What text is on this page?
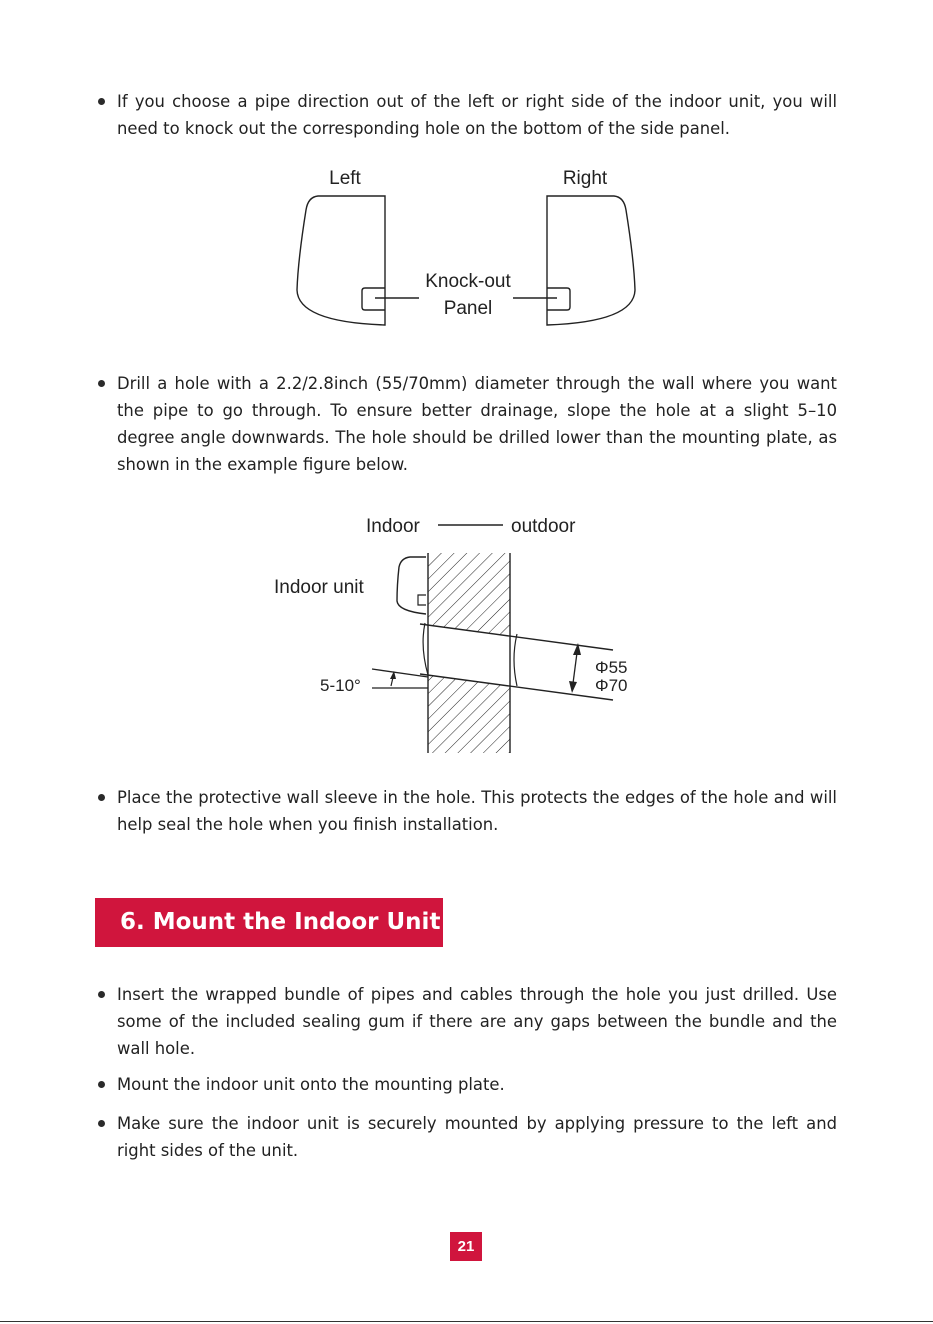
If you choose a pipe direction out of the left or right side of the indoor unit, you will need to knock out the corresponding hole on the bottom of the side panel.
Left	Right
Knock-out
Panel
Drill a hole with a 2.2/2.8inch (55/70mm) diameter through the wall where you want the pipe to go through. To ensure better drainage, slope the hole at a slight 5–10 degree angle downwards. The hole should be drilled lower than the mounting plate, as shown in the example figure below.
Indoor	outdoor
Indoor unit
Φ55
Φ70
5-10°
Place the protective wall sleeve in the hole. This protects the edges of the hole and will help seal the hole when you finish installation.
6. Mount the Indoor Unit
Insert the wrapped bundle of pipes and cables through the hole you just drilled. Use some of the included sealing gum if there are any gaps between the bundle and the wall hole.
Mount the indoor unit onto the mounting plate.
Make sure the indoor unit is securely mounted by applying pressure to the left and right sides of the unit.
21
